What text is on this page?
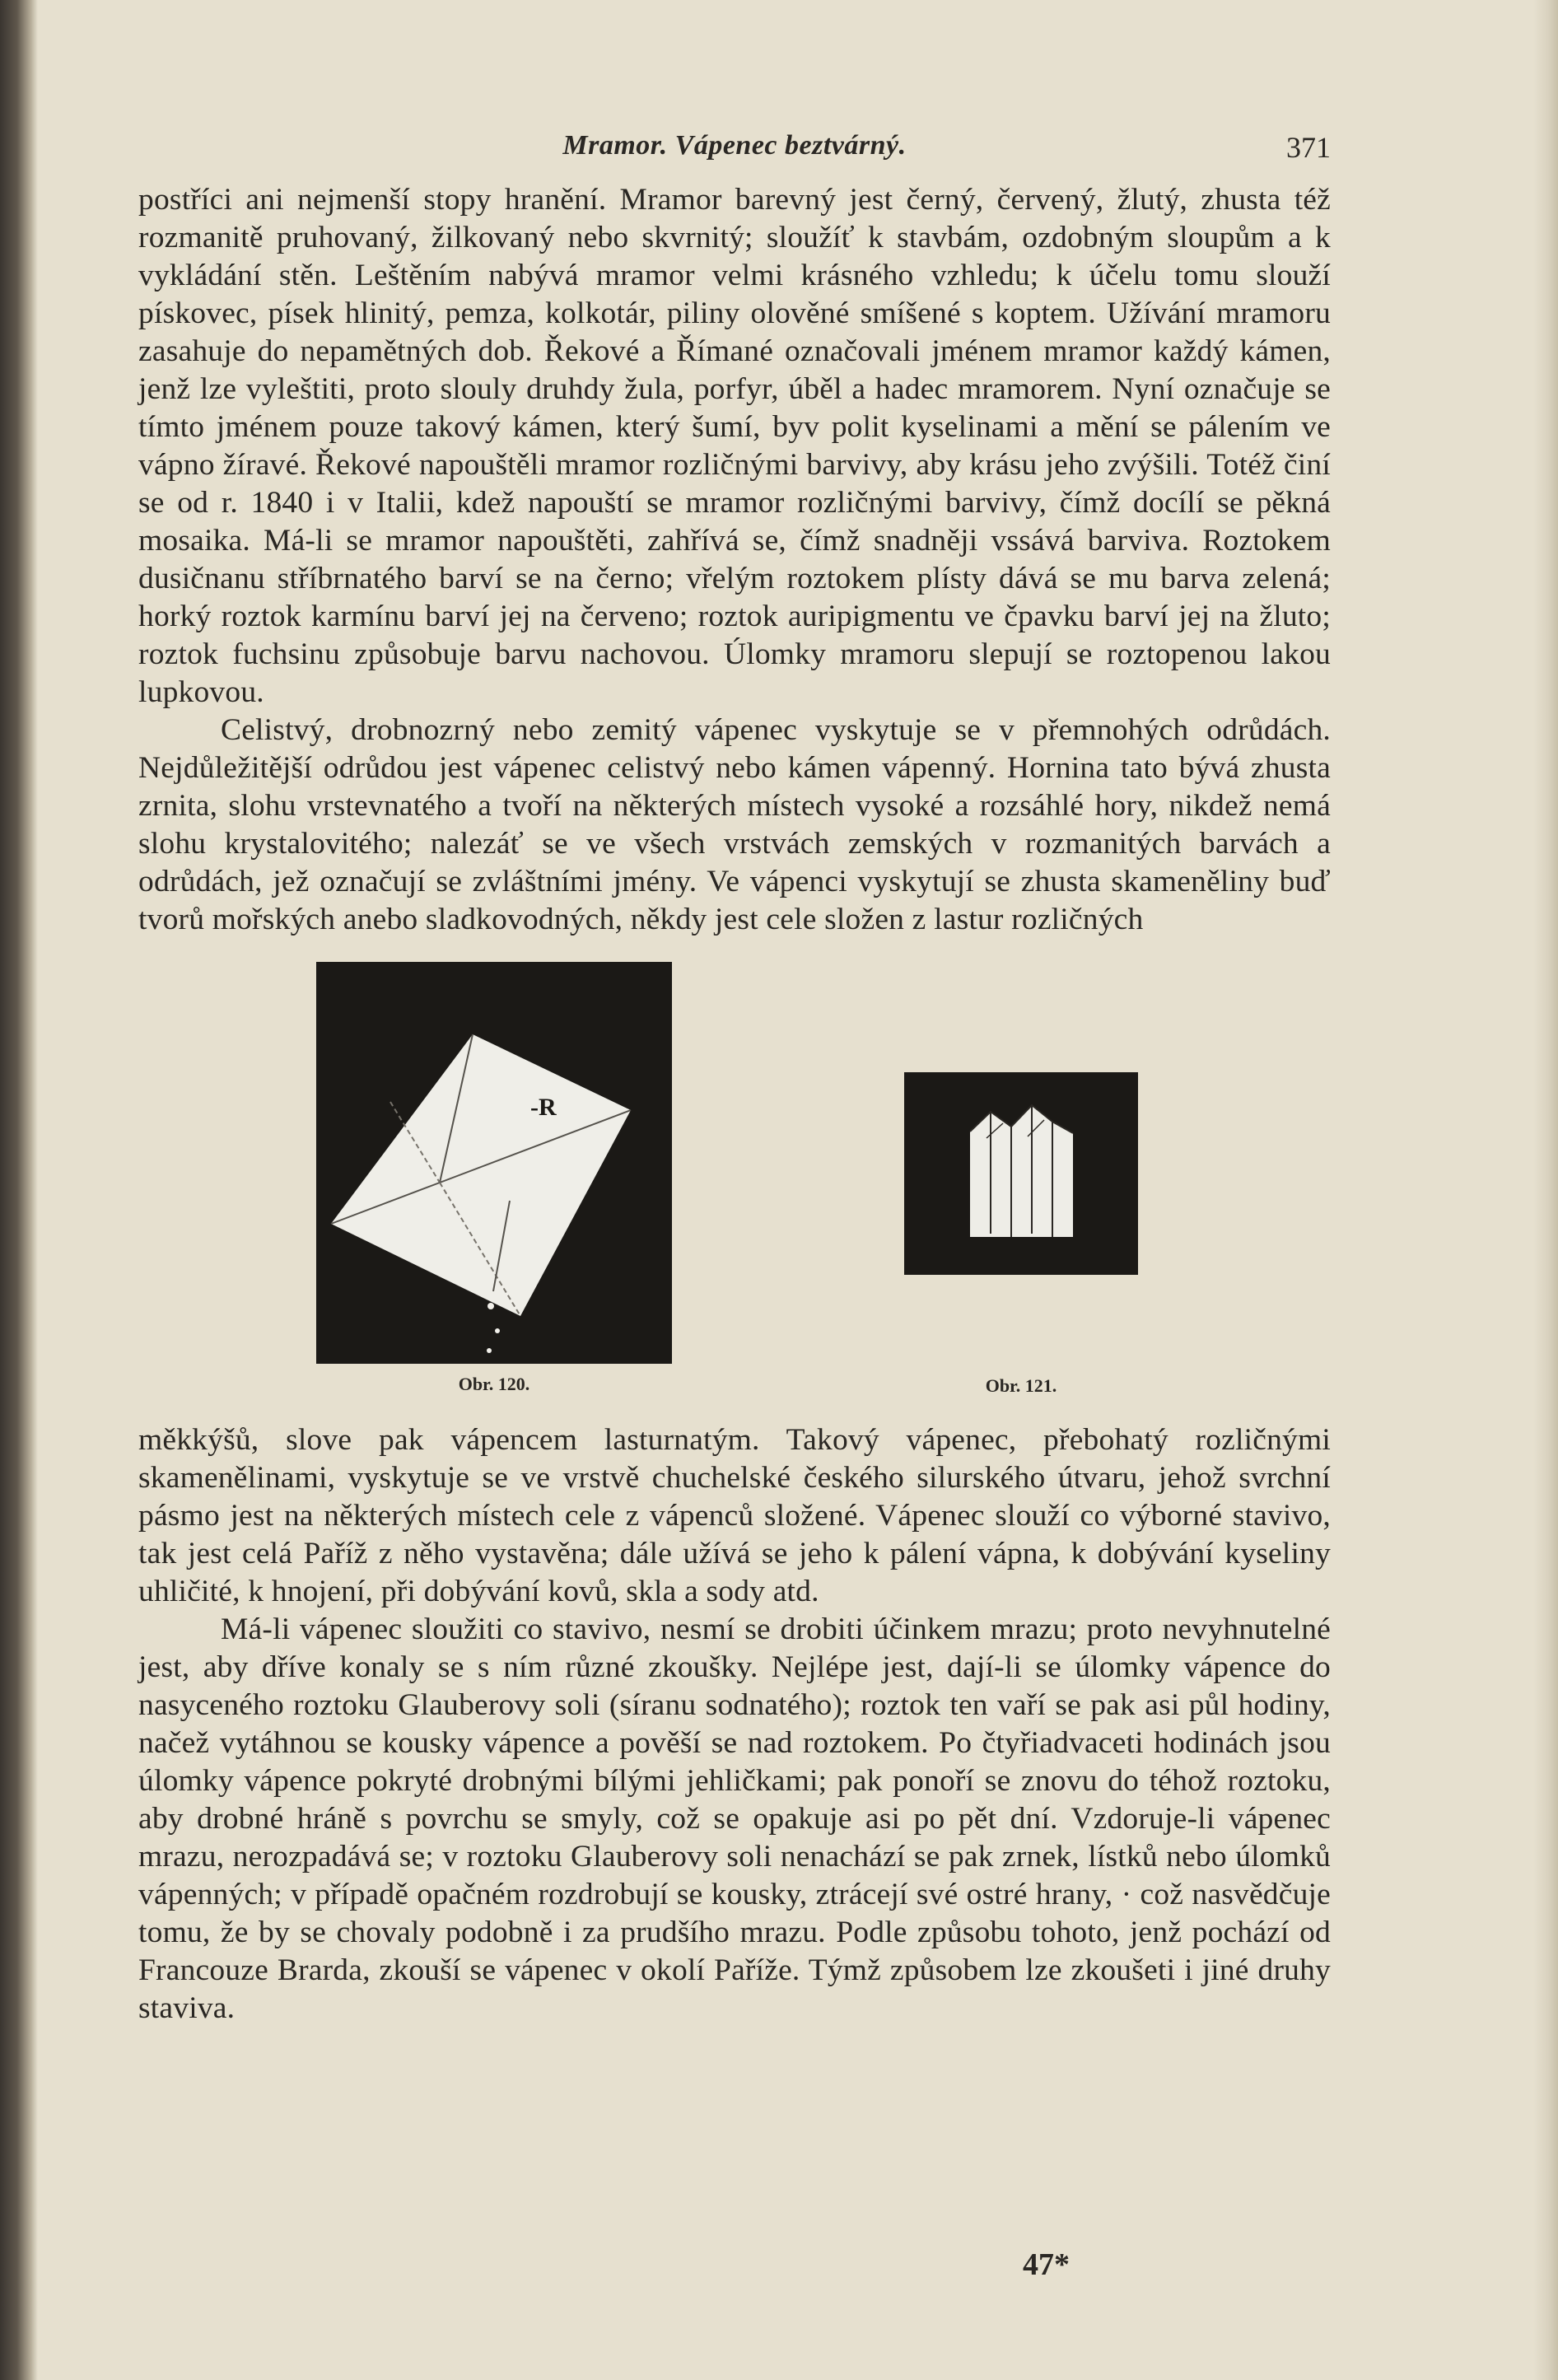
Mramor. Vápenec beztvárný.	371

postříci ani nejmenší stopy hranění. Mramor barevný jest černý, červený, žlutý, zhusta též rozmanitě pruhovaný, žilkovaný nebo skvrnitý; sloužíť k stavbám, ozdobným sloupům a k vykládání stěn. Leštěním nabývá mramor velmi krásného vzhledu; k účelu tomu slouží pískovec, písek hlinitý, pemza, kolkotár, piliny olověné smíšené s koptem. Užívání mramoru zasahuje do nepamětných dob. Řekové a Římané označovali jménem mramor každý kámen, jenž lze vyleštiti, proto slouly druhdy žula, porfyr, úběl a hadec mramorem. Nyní označuje se tímto jménem pouze takový kámen, který šumí, byv polit kyselinami a mění se pálením ve vápno žíravé. Řekové napouštěli mramor rozličnými barvivy, aby krásu jeho zvýšili. Totéž činí se od r. 1840 i v Italii, kdež napouští se mramor rozličnými barvivy, čímž docílí se pěkná mosaika. Má-li se mramor napouštěti, zahřívá se, čímž snadněji vssává barviva. Roztokem dusičnanu stříbrnatého barví se na černo; vřelým roztokem plísty dává se mu barva zelená; horký roztok karmínu barví jej na červeno; roztok auripigmentu ve čpavku barví jej na žluto; roztok fuchsinu způsobuje barvu nachovou. Úlomky mramoru slepují se roztopenou lakou lupkovou.

Celistvý, drobnozrný nebo zemitý vápenec vyskytuje se v přemnohých odrůdách. Nejdůležitější odrůdou jest vápenec celistvý nebo kámen vápenný. Hornina tato bývá zhusta zrnita, slohu vrstevnatého a tvoří na některých místech vysoké a rozsáhlé hory, nikdež nemá slohu krystalovitého; nalezáť se ve všech vrstvách zemských v rozmanitých barvách a odrůdách, jež označují se zvláštními jmény. Ve vápenci vyskytují se zhusta skameněliny buď tvorů mořských anebo sladkovodných, někdy jest cele složen z lastur rozličných

-R
Obr. 120.	Obr. 121.

měkkýšů, slove pak vápencem lasturnatým. Takový vápenec, přebohatý rozličnými skamenělinami, vyskytuje se ve vrstvě chuchelské českého silurského útvaru, jehož svrchní pásmo jest na některých místech cele z vápenců složené. Vápenec slouží co výborné stavivo, tak jest celá Paříž z něho vystavěna; dále užívá se jeho k pálení vápna, k dobývání kyseliny uhličité, k hnojení, při dobývání kovů, skla a sody atd.

Má-li vápenec sloužiti co stavivo, nesmí se drobiti účinkem mrazu; proto nevyhnutelné jest, aby dříve konaly se s ním různé zkoušky. Nejlépe jest, dají-li se úlomky vápence do nasyceného roztoku Glauberovy soli (síranu sodnatého); roztok ten vaří se pak asi půl hodiny, načež vytáhnou se kousky vápence a pověší se nad roztokem. Po čtyřiadvaceti hodinách jsou úlomky vápence pokryté drobnými bílými jehličkami; pak ponoří se znovu do téhož roztoku, aby drobné hráně s povrchu se smyly, což se opakuje asi po pět dní. Vzdoruje-li vápenec mrazu, nerozpadává se; v roztoku Glauberovy soli nenachází se pak zrnek, lístků nebo úlomků vápenných; v případě opačném rozdrobují se kousky, ztrácejí své ostré hrany, · což nasvědčuje tomu, že by se chovaly podobně i za prudšího mrazu. Podle způsobu tohoto, jenž pochází od Francouze Brarda, zkouší se vápenec v okolí Paříže. Týmž způsobem lze zkoušeti i jiné druhy staviva.

47*
